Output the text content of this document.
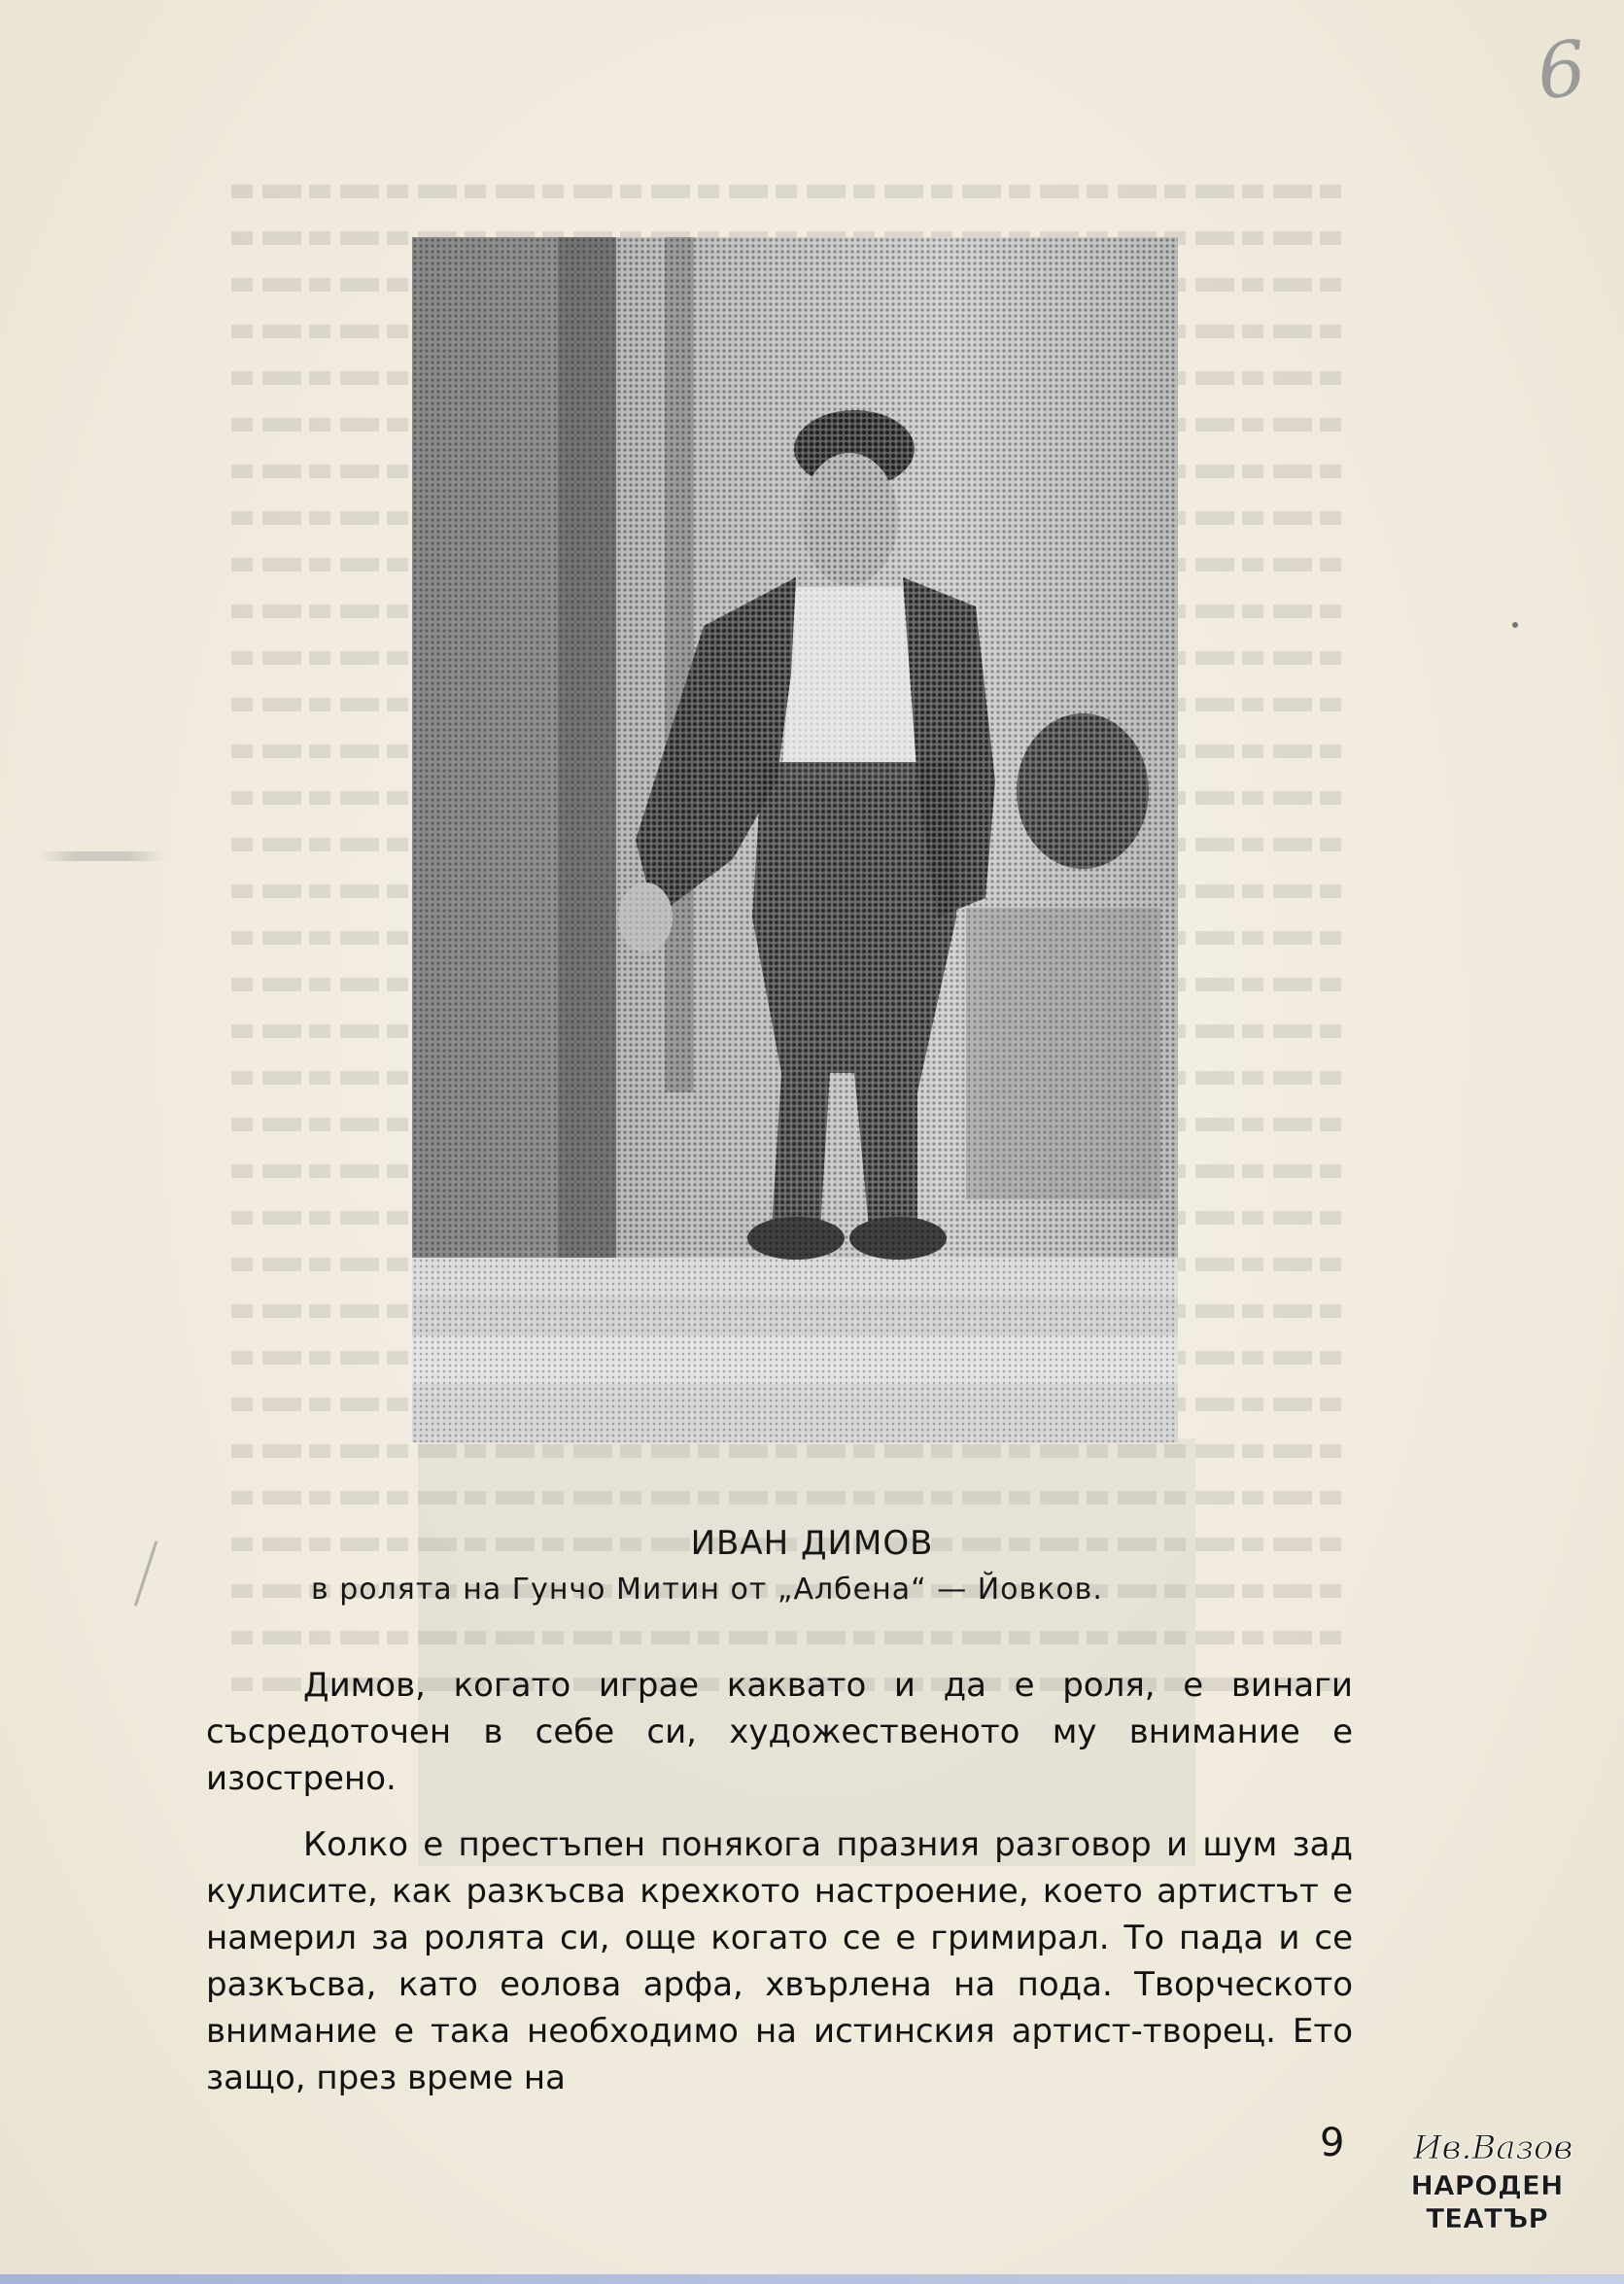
6
ИВАН ДИМОВ
в ролята на Гунчо Митин от „Албена“ — Йовков.

Димов, когато играе каквато и да е роля, е винаги съсредоточен в себе си, художественото му внимание е изострено.

Колко е престъпен понякога празния разговор и шум зад кулисите, как разкъсва крехкото настроение, което артистът е намерил за ролята си, още когато се е гримирал. То пада и се разкъсва, като еолова арфа, хвърлена на пода. Творческото внимание е така необходимо на истинския артист-творец. Ето защо, през време на

9 Ив.Вазов
НАРОДЕН
ТЕАТЪР
